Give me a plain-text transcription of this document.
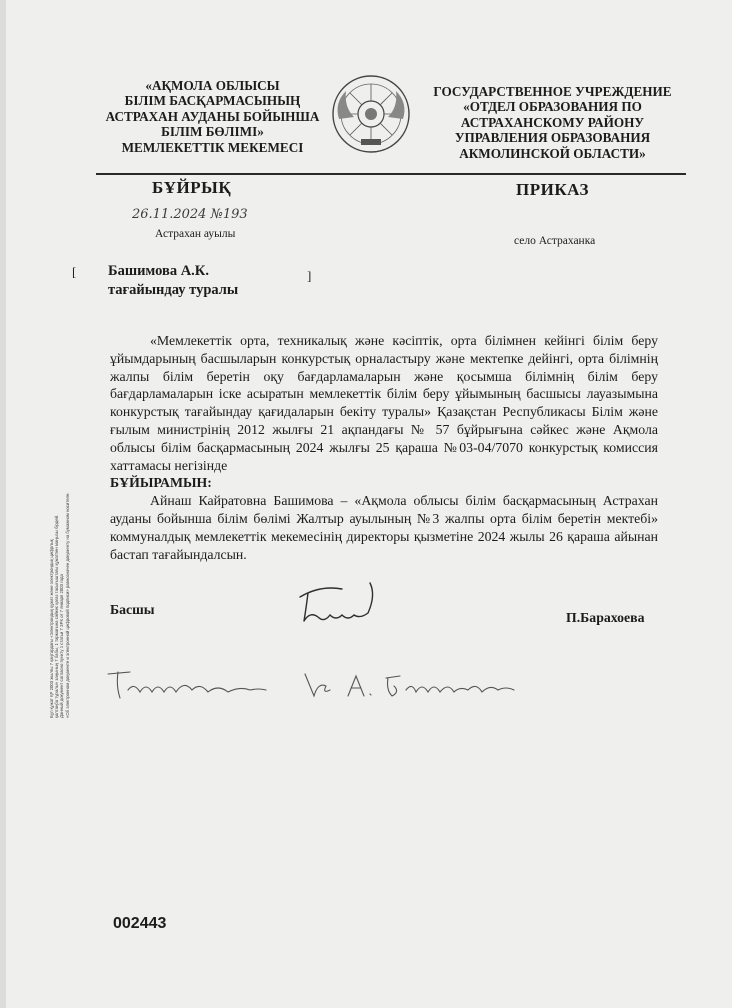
«АҚМОЛА ОБЛЫСЫ
БІЛІМ БАСҚАРМАСЫНЫҢ
АСТРАХАН АУДАНЫ БОЙЫНША
БІЛІМ БӨЛІМІ»
МЕМЛЕКЕТТІК МЕКЕМЕСІ
ГОСУДАРСТВЕННОЕ УЧРЕЖДЕНИЕ
«ОТДЕЛ ОБРАЗОВАНИЯ ПО
АСТРАХАНСКОМУ РАЙОНУ
УПРАВЛЕНИЯ ОБРАЗОВАНИЯ
АКМОЛИНСКОЙ ОБЛАСТИ»
БҰЙРЫҚ	ПРИКАЗ
26.11.2024 №193
Астрахан ауылы
село Астраханка
[ Башимова А.К.
тағайындау туралы
]

«Мемлекеттік орта, техникалық және кәсіптік, орта білімнен кейінгі білім беру ұйымдарының басшыларын конкурстық орналастыру және мектепке дейінгі, орта білімнің жалпы білім беретін оқу бағдарламаларын және қосымша білімнің білім беру бағдарламаларын іске асыратын мемлекеттік білім беру ұйымының басшысы лауазымына конкурстық тағайындау қағидаларын бекіту туралы» Қазақстан Республикасы Білім және ғылым министрінің 2012 жылғы 21 ақпандағы № 57 бұйрығына сәйкес және Ақмола облысы білім басқармасының 2024 жылғы 25 қараша №03-04/7070 конкурстық комиссия хаттамасы негізінде

БҰЙЫРАМЫН:

Айнаш Кайратовна Башимова – «Ақмола облысы білім басқармасының Астрахан ауданы бойынша білім бөлімі Жалтыр ауылының №3 жалпы орта білім беретін мектебі» коммуналдық мемлекеттік мекемесінің директоры қызметіне 2024 жылы 26 қараша айынан бастап тағайындалсын.

Басшы
П.Барахоева
Бұл құжат ҚР 2003 жылғы 7 қаңтардағы «Электрондық құжат және электрондық цифрлық қолтаңба туралы» заңының 7 бабы, 1 тармағына сәйкес қағаз тасығыштағы құжатпен маңызы бірдей. Данный документ согласно пункту 1 статьи 7 ЗРК от 7 января 2003 года «Об электронном документе и электронной цифровой подписи» равнозначен документу на бумажном носителе.
002443
